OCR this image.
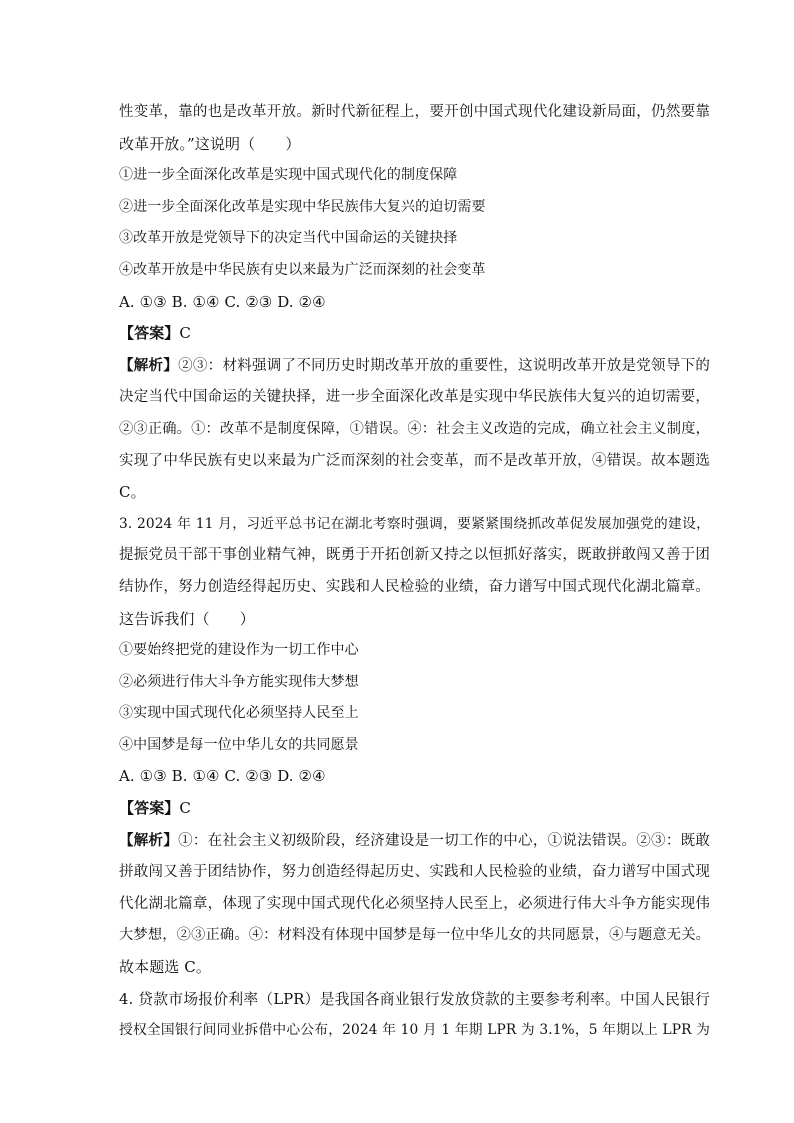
性变革，靠的也是改革开放。新时代新征程上，要开创中国式现代化建设新局面，仍然要靠
改革开放。”这说明（　　）
①进一步全面深化改革是实现中国式现代化的制度保障
②进一步全面深化改革是实现中华民族伟大复兴的迫切需要
③改革开放是党领导下的决定当代中国命运的关键抉择
④改革开放是中华民族有史以来最为广泛而深刻的社会变革
A. ①③ B. ①④ C. ②③ D. ②④
【答案】C
【解析】②③：材料强调了不同历史时期改革开放的重要性，这说明改革开放是党领导下的
决定当代中国命运的关键抉择，进一步全面深化改革是实现中华民族伟大复兴的迫切需要，
②③正确。①：改革不是制度保障，①错误。④：社会主义改造的完成，确立社会主义制度，
实现了中华民族有史以来最为广泛而深刻的社会变革，而不是改革开放，④错误。故本题选
C。
3. 2024 年 11 月，习近平总书记在湖北考察时强调，要紧紧围绕抓改革促发展加强党的建设，
提振党员干部干事创业精气神，既勇于开拓创新又持之以恒抓好落实，既敢拼敢闯又善于团
结协作，努力创造经得起历史、实践和人民检验的业绩，奋力谱写中国式现代化湖北篇章。
这告诉我们（　　）
①要始终把党的建设作为一切工作中心
②必须进行伟大斗争方能实现伟大梦想
③实现中国式现代化必须坚持人民至上
④中国梦是每一位中华儿女的共同愿景
A. ①③ B. ①④ C. ②③ D. ②④
【答案】C
【解析】①：在社会主义初级阶段，经济建设是一切工作的中心，①说法错误。②③：既敢
拼敢闯又善于团结协作，努力创造经得起历史、实践和人民检验的业绩，奋力谱写中国式现
代化湖北篇章，体现了实现中国式现代化必须坚持人民至上，必须进行伟大斗争方能实现伟
大梦想，②③正确。④：材料没有体现中国梦是每一位中华儿女的共同愿景，④与题意无关。
故本题选 C。
4. 贷款市场报价利率（LPR）是我国各商业银行发放贷款的主要参考利率。中国人民银行
授权全国银行间同业拆借中心公布，2024 年 10 月 1 年期 LPR 为 3.1%，5 年期以上 LPR 为
